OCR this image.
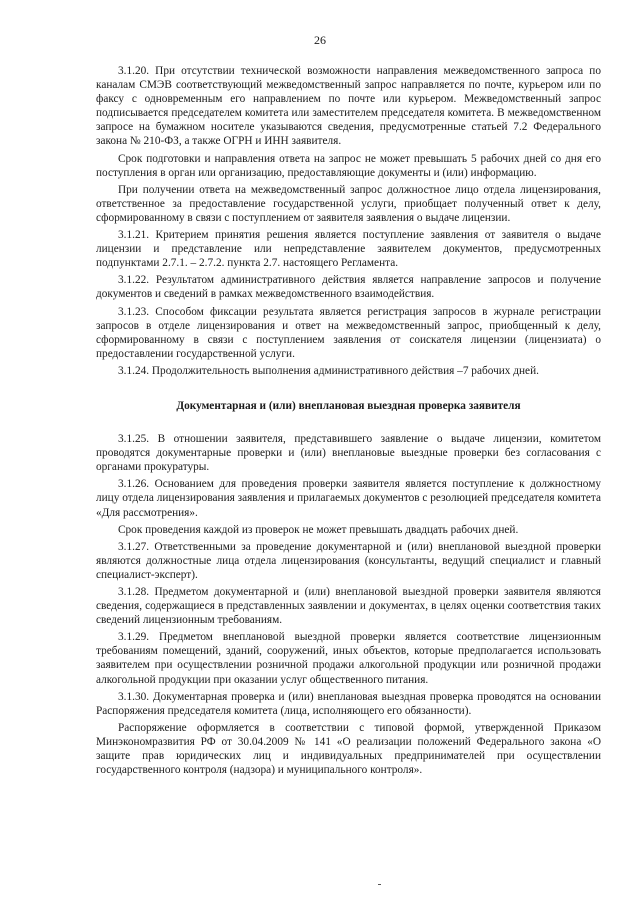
26

3.1.20. При отсутствии технической возможности направления межведомственного запроса по каналам СМЭВ соответствующий межведомственный запрос направляется по почте, курьером или по факсу с одновременным его направлением по почте или курьером. Межведомственный запрос подписывается председателем комитета или заместителем председателя комитета. В межведомственном запросе на бумажном носителе указываются сведения, предусмотренные статьей 7.2 Федерального закона № 210-ФЗ, а также ОГРН и ИНН заявителя.

Срок подготовки и направления ответа на запрос не может превышать 5 рабочих дней со дня его поступления в орган или организацию, предоставляющие документы и (или) информацию.

При получении ответа на межведомственный запрос должностное лицо отдела лицензирования, ответственное за предоставление государственной услуги, приобщает полученный ответ к делу, сформированному в связи с поступлением от заявителя заявления о выдаче лицензии.

3.1.21. Критерием принятия решения является поступление заявления от заявителя о выдаче лицензии и представление или непредставление заявителем документов, предусмотренных подпунктами 2.7.1. – 2.7.2. пункта 2.7. настоящего Регламента.

3.1.22. Результатом административного действия является направление запросов и получение документов и сведений в рамках межведомственного взаимодействия.

3.1.23. Способом фиксации результата является регистрация запросов в журнале регистрации запросов в отделе лицензирования и ответ на межведомственный запрос, приобщенный к делу, сформированному в связи с поступлением заявления от соискателя лицензии (лицензиата) о предоставлении государственной услуги.

3.1.24. Продолжительность выполнения административного действия –7 рабочих дней.

Документарная и (или) внеплановая выездная проверка заявителя

3.1.25. В отношении заявителя, представившего заявление о выдаче лицензии, комитетом проводятся документарные проверки и (или) внеплановые выездные проверки без согласования с органами прокуратуры.

3.1.26. Основанием для проведения проверки заявителя является поступление к должностному лицу отдела лицензирования заявления и прилагаемых документов с резолюцией председателя комитета «Для рассмотрения».

Срок проведения каждой из проверок не может превышать двадцать рабочих дней.

3.1.27. Ответственными за проведение документарной и (или) внеплановой выездной проверки являются должностные лица отдела лицензирования (консультанты, ведущий специалист и главный специалист-эксперт).

3.1.28. Предметом документарной и (или) внеплановой выездной проверки заявителя являются сведения, содержащиеся в представленных заявлении и документах, в целях оценки соответствия таких сведений лицензионным требованиям.

3.1.29. Предметом внеплановой выездной проверки является соответствие лицензионным требованиям помещений, зданий, сооружений, иных объектов, которые предполагается использовать заявителем при осуществлении розничной продажи алкогольной продукции или розничной продажи алкогольной продукции при оказании услуг общественного питания.

3.1.30. Документарная проверка и (или) внеплановая выездная проверка проводятся на основании Распоряжения председателя комитета (лица, исполняющего его обязанности).

Распоряжение оформляется в соответствии с типовой формой, утвержденной Приказом Минэкономразвития РФ от 30.04.2009 № 141 «О реализации положений Федерального закона «О защите прав юридических лиц и индивидуальных предпринимателей при осуществлении государственного контроля (надзора) и муниципального контроля».
